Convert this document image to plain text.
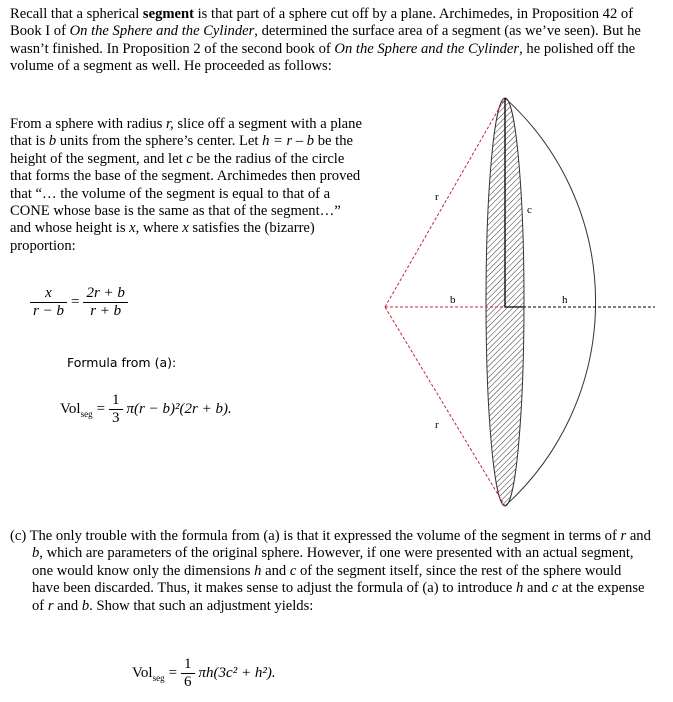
Recall that a spherical segment is that part of a sphere cut off by a plane. Archimedes, in Proposition 42 of Book I of On the Sphere and the Cylinder, determined the surface area of a segment (as we’ve seen). But he wasn’t finished. In Proposition 2 of the second book of On the Sphere and the Cylinder, he polished off the volume of a segment as well. He proceeded as follows:
From a sphere with radius r, slice off a segment with a plane that is b units from the sphere’s center. Let h = r – b be the height of the segment, and let c be the radius of the circle that forms the base of the segment. Archimedes then proved that “… the volume of the segment is equal to that of a CONE whose base is the same as that of the segment…” and whose height is x, where x satisfies the (bizarre) proportion:
$\frac{x}{r - b} = \frac{2r + b}{r + b}$
Formula from (a):
$Vol_{seg} = \frac{1}{3} \pi(r - b)^2(2r + b)$.
r
c
b	h
r
(c) The only trouble with the formula from (a) is that it expressed the volume of the segment in terms of r and b, which are parameters of the original sphere. However, if one were presented with an actual segment, one would know only the dimensions h and c of the segment itself, since the rest of the sphere would have been discarded. Thus, it makes sense to adjust the formula of (a) to introduce h and c at the expense of r and b. Show that such an adjustment yields:
$Vol_{seg} = \frac{1}{6} \pi h(3c^2 + h^2)$.
